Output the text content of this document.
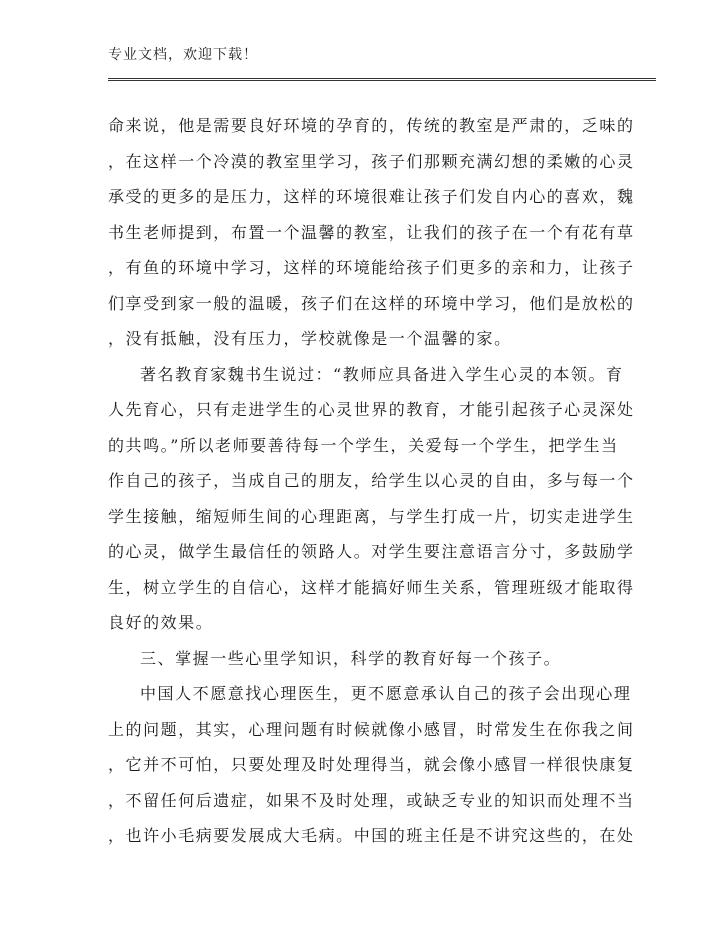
专业文档，欢迎下载！
命来说，他是需要良好环境的孕育的，传统的教室是严肃的，乏味的
，在这样一个冷漠的教室里学习，孩子们那颗充满幻想的柔嫩的心灵
承受的更多的是压力，这样的环境很难让孩子们发自内心的喜欢，魏
书生老师提到，布置一个温馨的教室，让我们的孩子在一个有花有草
，有鱼的环境中学习，这样的环境能给孩子们更多的亲和力，让孩子
们享受到家一般的温暖，孩子们在这样的环境中学习，他们是放松的
，没有抵触，没有压力，学校就像是一个温馨的家。
著名教育家魏书生说过：“教师应具备进入学生心灵的本领。育
人先育心，只有走进学生的心灵世界的教育，才能引起孩子心灵深处
的共鸣。”所以老师要善待每一个学生，关爱每一个学生，把学生当
作自己的孩子，当成自己的朋友，给学生以心灵的自由，多与每一个
学生接触，缩短师生间的心理距离，与学生打成一片，切实走进学生
的心灵，做学生最信任的领路人。对学生要注意语言分寸，多鼓励学
生，树立学生的自信心，这样才能搞好师生关系，管理班级才能取得
良好的效果。
三、掌握一些心里学知识，科学的教育好每一个孩子。
中国人不愿意找心理医生，更不愿意承认自己的孩子会出现心理
上的问题，其实，心理问题有时候就像小感冒，时常发生在你我之间
，它并不可怕，只要处理及时处理得当，就会像小感冒一样很快康复
，不留任何后遗症，如果不及时处理，或缺乏专业的知识而处理不当
，也许小毛病要发展成大毛病。中国的班主任是不讲究这些的，在处
